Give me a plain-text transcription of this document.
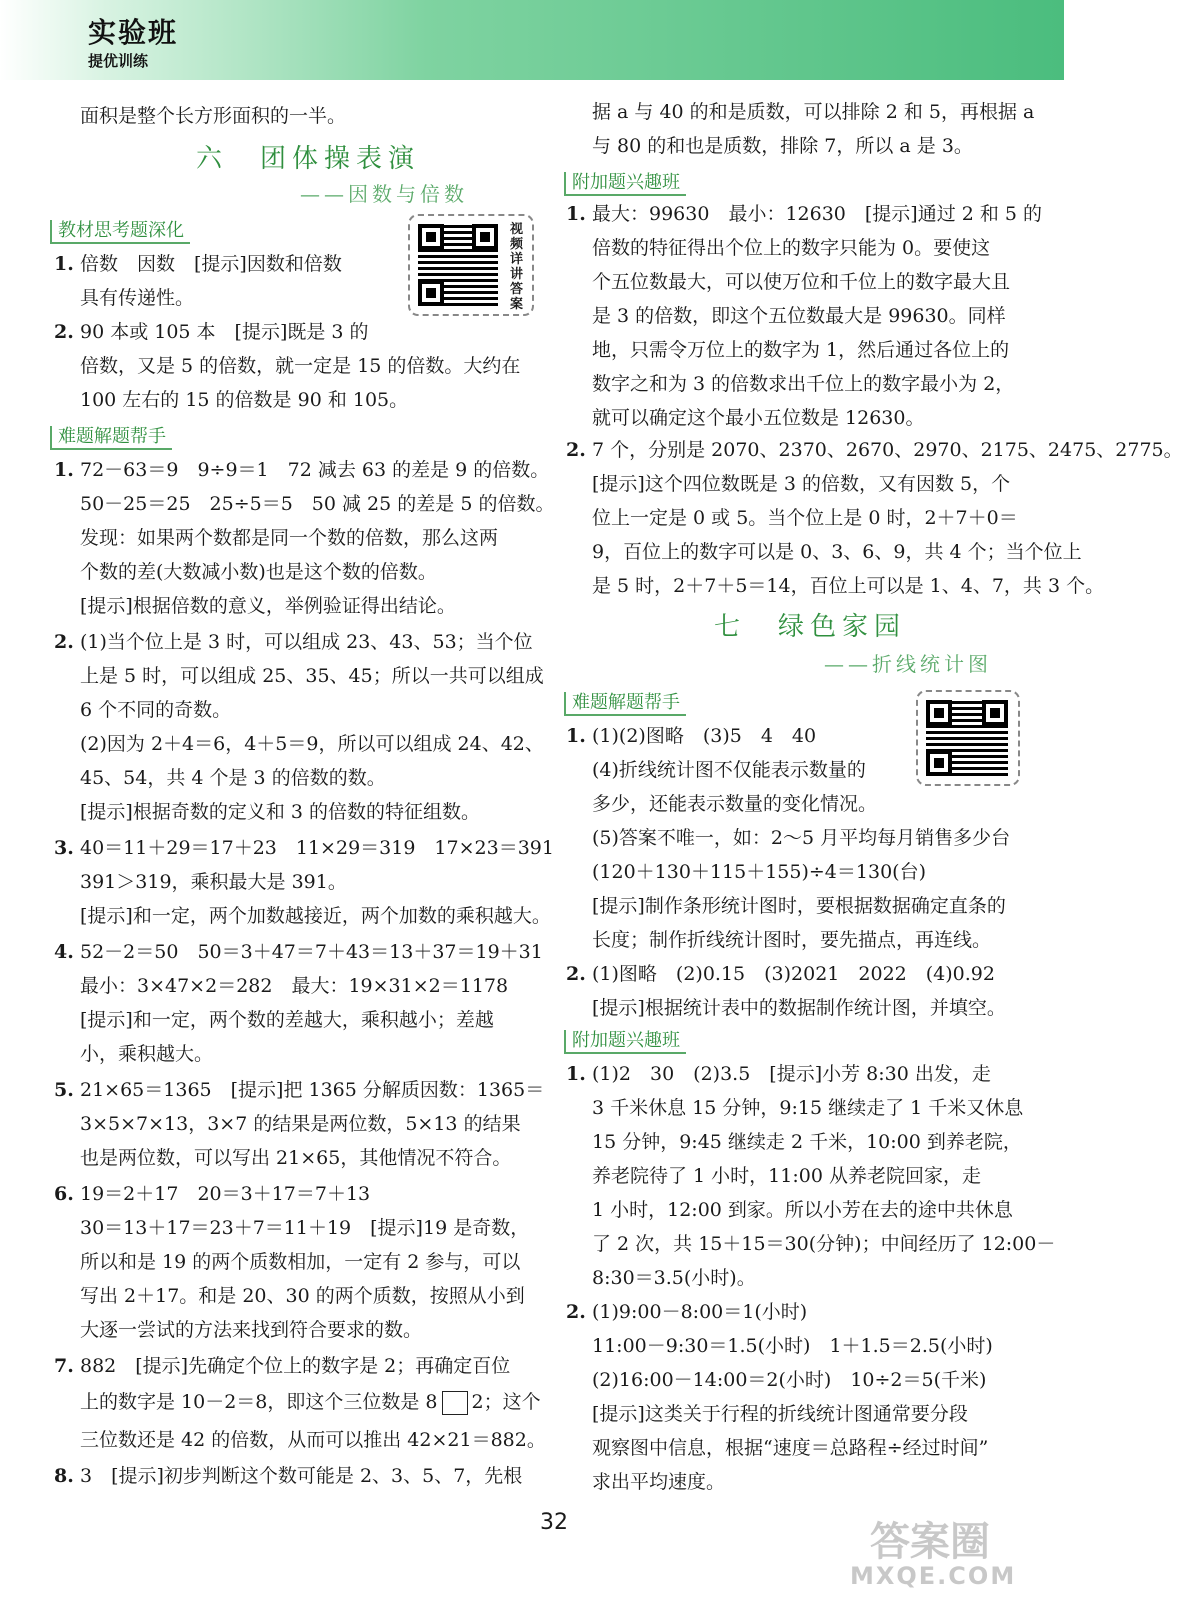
实验班
提优训练
六　团体操表演
——因数与倍数
七　绿色家园
——折线统计图
视频详讲答案
面积是整个长方形面积的一半。
1. 倍数　因数　[提示]因数和倍数
具有传递性。
2. 90 本或 105 本　[提示]既是 3 的
倍数，又是 5 的倍数，就一定是 15 的倍数。大约在
100 左右的 15 的倍数是 90 和 105。
1. 72－63＝9　9÷9＝1　72 减去 63 的差是 9 的倍数。
50－25＝25　25÷5＝5　50 减 25 的差是 5 的倍数。
发现：如果两个数都是同一个数的倍数，那么这两
个数的差(大数减小数)也是这个数的倍数。
[提示]根据倍数的意义，举例验证得出结论。
2. (1)当个位上是 3 时，可以组成 23、43、53；当个位
上是 5 时，可以组成 25、35、45；所以一共可以组成
6 个不同的奇数。
(2)因为 2＋4＝6，4＋5＝9，所以可以组成 24、42、
45、54，共 4 个是 3 的倍数的数。
[提示]根据奇数的定义和 3 的倍数的特征组数。
3. 40＝11＋29＝17＋23　11×29＝319　17×23＝391
391＞319，乘积最大是 391。
[提示]和一定，两个加数越接近，两个加数的乘积越大。
4. 52－2＝50　50＝3＋47＝7＋43＝13＋37＝19＋31
最小：3×47×2＝282　最大：19×31×2＝1178
[提示]和一定，两个数的差越大，乘积越小；差越
小，乘积越大。
5. 21×65＝1365　[提示]把 1365 分解质因数：1365＝
3×5×7×13，3×7 的结果是两位数，5×13 的结果
也是两位数，可以写出 21×65，其他情况不符合。
6. 19＝2＋17　20＝3＋17＝7＋13
30＝13＋17＝23＋7＝11＋19　[提示]19 是奇数，
所以和是 19 的两个质数相加，一定有 2 参与，可以
写出 2＋17。和是 20、30 的两个质数，按照从小到
大逐一尝试的方法来找到符合要求的数。
7. 882　[提示]先确定个位上的数字是 2；再确定百位
上的数字是 10－2＝8，即这个三位数是 8 2；这个
三位数还是 42 的倍数，从而可以推出 42×21＝882。
8. 3　[提示]初步判断这个数可能是 2、3、5、7，先根
据 a 与 40 的和是质数，可以排除 2 和 5，再根据 a
与 80 的和也是质数，排除 7，所以 a 是 3。
1. 最大：99630　最小：12630　[提示]通过 2 和 5 的
倍数的特征得出个位上的数字只能为 0。要使这
个五位数最大，可以使万位和千位上的数字最大且
是 3 的倍数，即这个五位数最大是 99630。同样
地，只需令万位上的数字为 1，然后通过各位上的
数字之和为 3 的倍数求出千位上的数字最小为 2，
就可以确定这个最小五位数是 12630。
2. 7 个，分别是 2070、2370、2670、2970、2175、2475、2775。
[提示]这个四位数既是 3 的倍数，又有因数 5，个
位上一定是 0 或 5。当个位上是 0 时，2＋7＋0＝
9，百位上的数字可以是 0、3、6、9，共 4 个；当个位上
是 5 时，2＋7＋5＝14，百位上可以是 1、4、7，共 3 个。
1. (1)(2)图略　(3)5　4　40
(4)折线统计图不仅能表示数量的
多少，还能表示数量的变化情况。
(5)答案不唯一，如：2～5 月平均每月销售多少台
(120＋130＋115＋155)÷4＝130(台)
[提示]制作条形统计图时，要根据数据确定直条的
长度；制作折线统计图时，要先描点，再连线。
2. (1)图略　(2)0.15　(3)2021　2022　(4)0.92
[提示]根据统计表中的数据制作统计图，并填空。
1. (1)2　30　(2)3.5　[提示]小芳 8:30 出发，走
3 千米休息 15 分钟，9:15 继续走了 1 千米又休息
15 分钟，9:45 继续走 2 千米，10:00 到养老院，
养老院待了 1 小时，11:00 从养老院回家，走
1 小时，12:00 到家。所以小芳在去的途中共休息
了 2 次，共 15＋15＝30(分钟)；中间经历了 12:00－
8:30＝3.5(小时)。
2. (1)9:00－8:00＝1(小时)
11:00－9:30＝1.5(小时)　1＋1.5＝2.5(小时)
(2)16:00－14:00＝2(小时)　10÷2＝5(千米)
[提示]这类关于行程的折线统计图通常要分段
观察图中信息，根据“速度＝总路程÷经过时间”
求出平均速度。
32	答案圈
MXQE.COM
教材思考题深化
难题解题帮手
附加题兴趣班
难题解题帮手
附加题兴趣班
